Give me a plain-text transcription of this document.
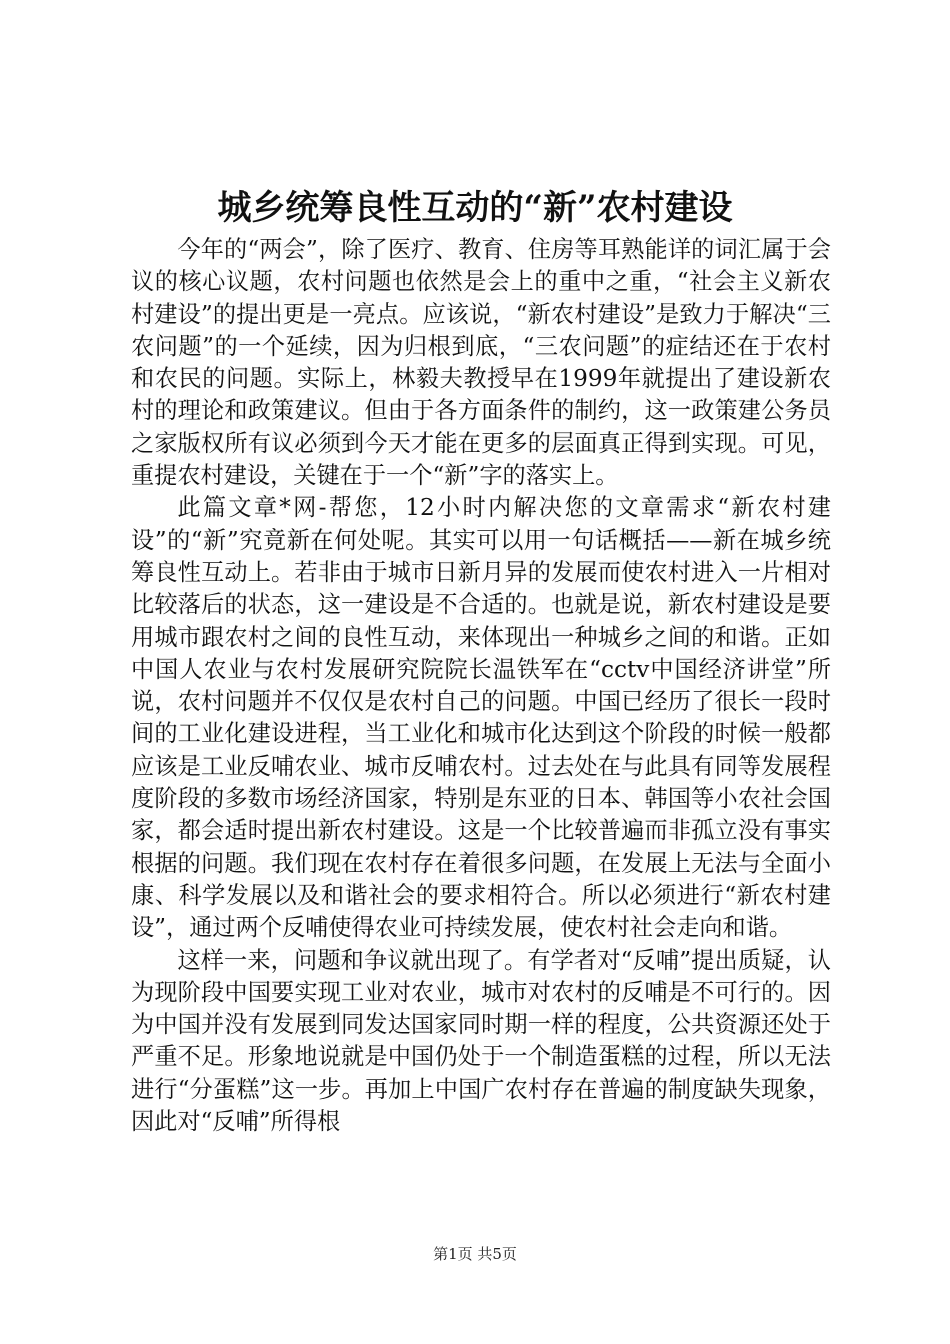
城乡统筹良性互动的“新”农村建设

今年的“两会”，除了医疗、教育、住房等耳熟能详的词汇属于会议的核心议题，农村问题也依然是会上的重中之重，“社会主义新农村建设”的提出更是一亮点。应该说，“新农村建设”是致力于解决“三农问题”的一个延续，因为归根到底，“三农问题”的症结还在于农村和农民的问题。实际上，林毅夫教授早在1999年就提出了建设新农村的理论和政策建议。但由于各方面条件的制约，这一政策建公务员之家版权所有议必须到今天才能在更多的层面真正得到实现。可见，重提农村建设，关键在于一个“新”字的落实上。

此篇文章*网-帮您，12小时内解决您的文章需求“新农村建设”的“新”究竟新在何处呢。其实可以用一句话概括——新在城乡统筹良性互动上。若非由于城市日新月异的发展而使农村进入一片相对比较落后的状态，这一建设是不合适的。也就是说，新农村建设是要用城市跟农村之间的良性互动，来体现出一种城乡之间的和谐。正如中国人农业与农村发展研究院院长温铁军在“cctv中国经济讲堂”所说，农村问题并不仅仅是农村自己的问题。中国已经历了很长一段时间的工业化建设进程，当工业化和城市化达到这个阶段的时候一般都应该是工业反哺农业、城市反哺农村。过去处在与此具有同等发展程度阶段的多数市场经济国家，特别是东亚的日本、韩国等小农社会国家，都会适时提出新农村建设。这是一个比较普遍而非孤立没有事实根据的问题。我们现在农村存在着很多问题，在发展上无法与全面小康、科学发展以及和谐社会的要求相符合。所以必须进行“新农村建设”，通过两个反哺使得农业可持续发展，使农村社会走向和谐。

这样一来，问题和争议就出现了。有学者对“反哺”提出质疑，认为现阶段中国要实现工业对农业，城市对农村的反哺是不可行的。因为中国并没有发展到同发达国家同时期一样的程度，公共资源还处于严重不足。形象地说就是中国仍处于一个制造蛋糕的过程，所以无法进行“分蛋糕”这一步。再加上中国广农村存在普遍的制度缺失现象，因此对“反哺”所得根

第1页 共5页
